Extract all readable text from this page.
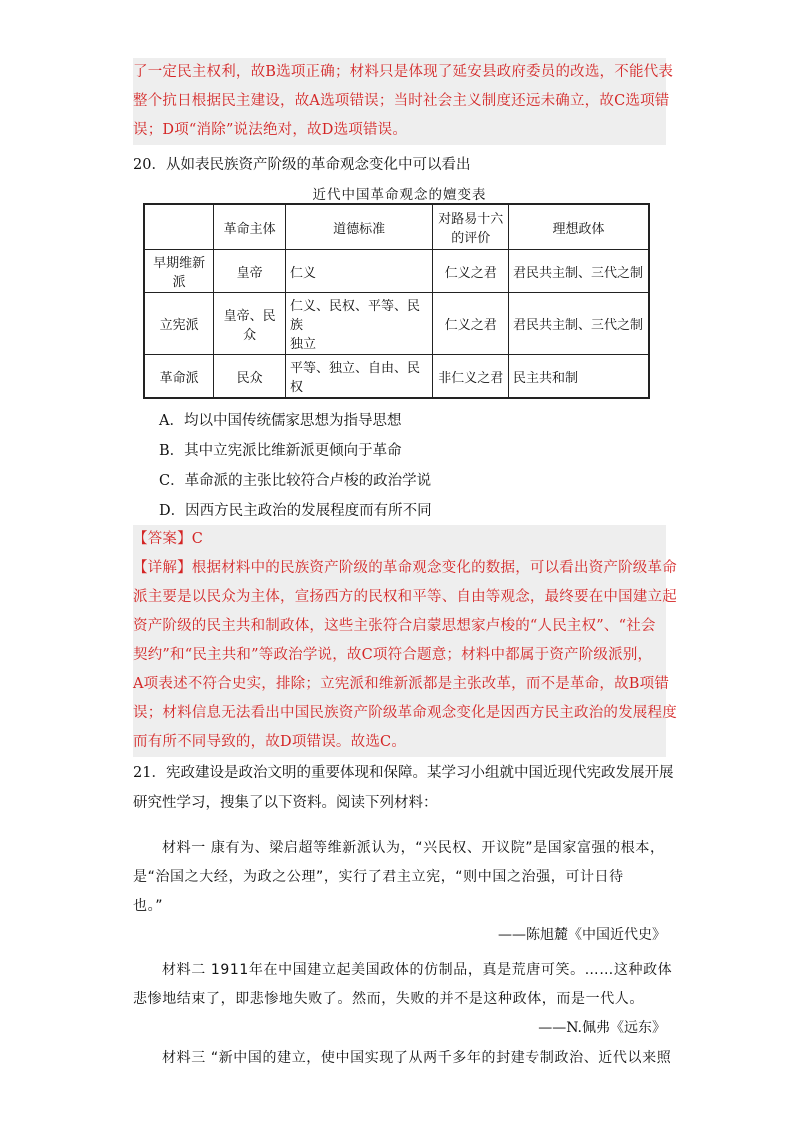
了一定民主权利，故B选项正确；材料只是体现了延安县政府委员的改选，不能代表
整个抗日根据民主建设，故A选项错误；当时社会主义制度还远未确立，故C选项错
误；D项“消除”说法绝对，故D选项错误。
20．从如表民族资产阶级的革命观念变化中可以看出
近代中国革命观念的嬗变表
	革命主体	道德标准	对路易十六
的评价	理想政体
早期维新派	皇帝	仁义	仁义之君	君民共主制、三代之制
立宪派	皇帝、民众	仁义、民权、平等、民族
独立	仁义之君	君民共主制、三代之制
革命派	民众	平等、独立、自由、民权	非仁义之君	民主共和制
A．均以中国传统儒家思想为指导思想
B．其中立宪派比维新派更倾向于革命
C．革命派的主张比较符合卢梭的政治学说
D．因西方民主政治的发展程度而有所不同
【答案】C
【详解】根据材料中的民族资产阶级的革命观念变化的数据，可以看出资产阶级革命
派主要是以民众为主体，宣扬西方的民权和平等、自由等观念，最终要在中国建立起
资产阶级的民主共和制政体，这些主张符合启蒙思想家卢梭的“人民主权”、“社会
契约”和“民主共和”等政治学说，故C项符合题意；材料中都属于资产阶级派别，
A项表述不符合史实，排除；立宪派和维新派都是主张改革，而不是革命，故B项错
误；材料信息无法看出中国民族资产阶级革命观念变化是因西方民主政治的发展程度
而有所不同导致的，故D项错误。故选C。
21．宪政建设是政治文明的重要体现和保障。某学习小组就中国近现代宪政发展开展
研究性学习，搜集了以下资料。阅读下列材料：
材料一 康有为、梁启超等维新派认为，“兴民权、开议院”是国家富强的根本，
是“治国之大经，为政之公理”，实行了君主立宪，“则中国之治强，可计日待
也。”
——陈旭麓《中国近代史》
材料二 1911年在中国建立起美国政体的仿制品，真是荒唐可笑。……这种政体
悲惨地结束了，即悲惨地失败了。然而，失败的并不是这种政体，而是一代人。
——N.佩弗《远东》
材料三 “新中国的建立，使中国实现了从两千多年的封建专制政治、近代以来照
